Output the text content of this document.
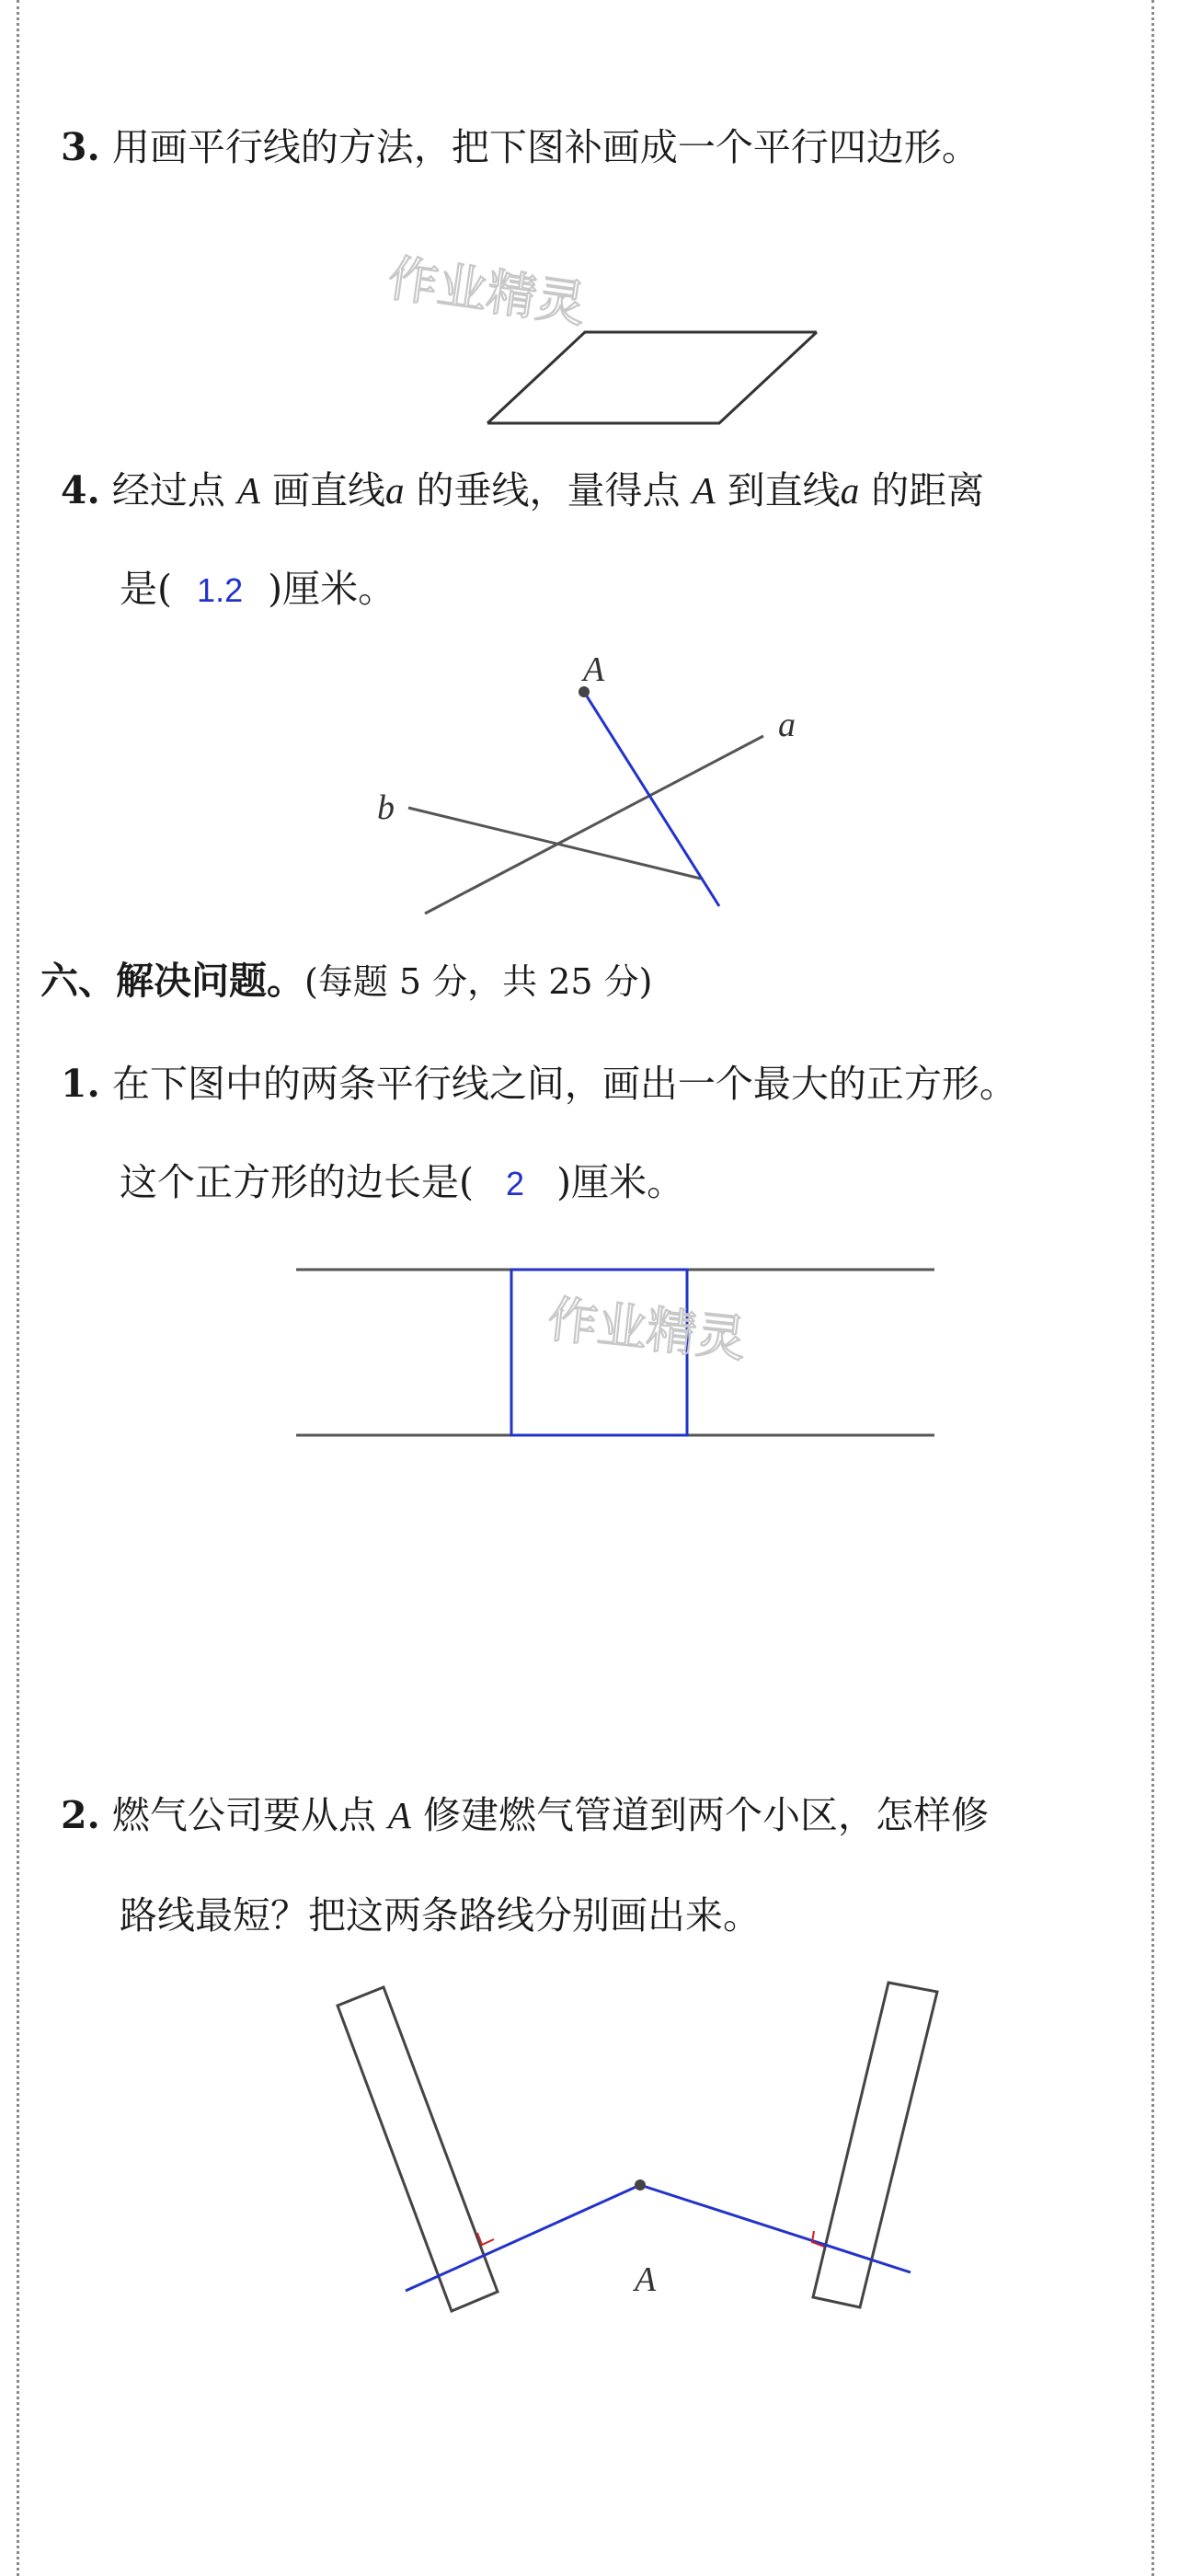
3. 用画平行线的方法，把下图补画成一个平行四边形。
作业精灵
4. 经过点 A 画直线a 的垂线，量得点 A 到直线a 的距离
是( 1.2 )厘米。
A
a
b
六、解决问题。(每题 5 分，共 25 分)
1. 在下图中的两条平行线之间，画出一个最大的正方形。
这个正方形的边长是( 2 )厘米。
作业精灵
2. 燃气公司要从点 A 修建燃气管道到两个小区，怎样修
路线最短？把这两条路线分别画出来。
A
